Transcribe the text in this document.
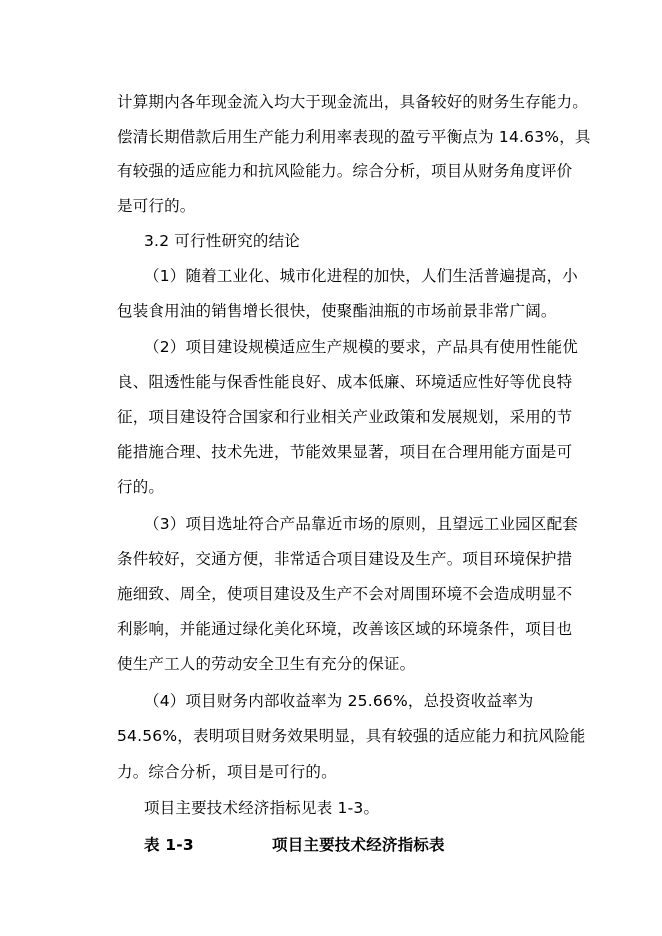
计算期内各年现金流入均大于现金流出，具备较好的财务生存能力。
偿清长期借款后用生产能力利用率表现的盈亏平衡点为 14.63%，具
有较强的适应能力和抗风险能力。综合分析，项目从财务角度评价
是可行的。
3.2 可行性研究的结论
（1）随着工业化、城市化进程的加快，人们生活普遍提高，小
包装食用油的销售增长很快，使聚酯油瓶的市场前景非常广阔。
（2）项目建设规模适应生产规模的要求，产品具有使用性能优
良、阻透性能与保香性能良好、成本低廉、环境适应性好等优良特
征，项目建设符合国家和行业相关产业政策和发展规划，采用的节
能措施合理、技术先进，节能效果显著，项目在合理用能方面是可
行的。
（3）项目选址符合产品靠近市场的原则，且望远工业园区配套
条件较好，交通方便，非常适合项目建设及生产。项目环境保护措
施细致、周全，使项目建设及生产不会对周围环境不会造成明显不
利影响，并能通过绿化美化环境，改善该区域的环境条件，项目也
使生产工人的劳动安全卫生有充分的保证。
（4）项目财务内部收益率为 25.66%，总投资收益率为
54.56%，表明项目财务效果明显，具有较强的适应能力和抗风险能
力。综合分析，项目是可行的。
项目主要技术经济指标见表 1-3。
表 1-3	项目主要技术经济指标表
